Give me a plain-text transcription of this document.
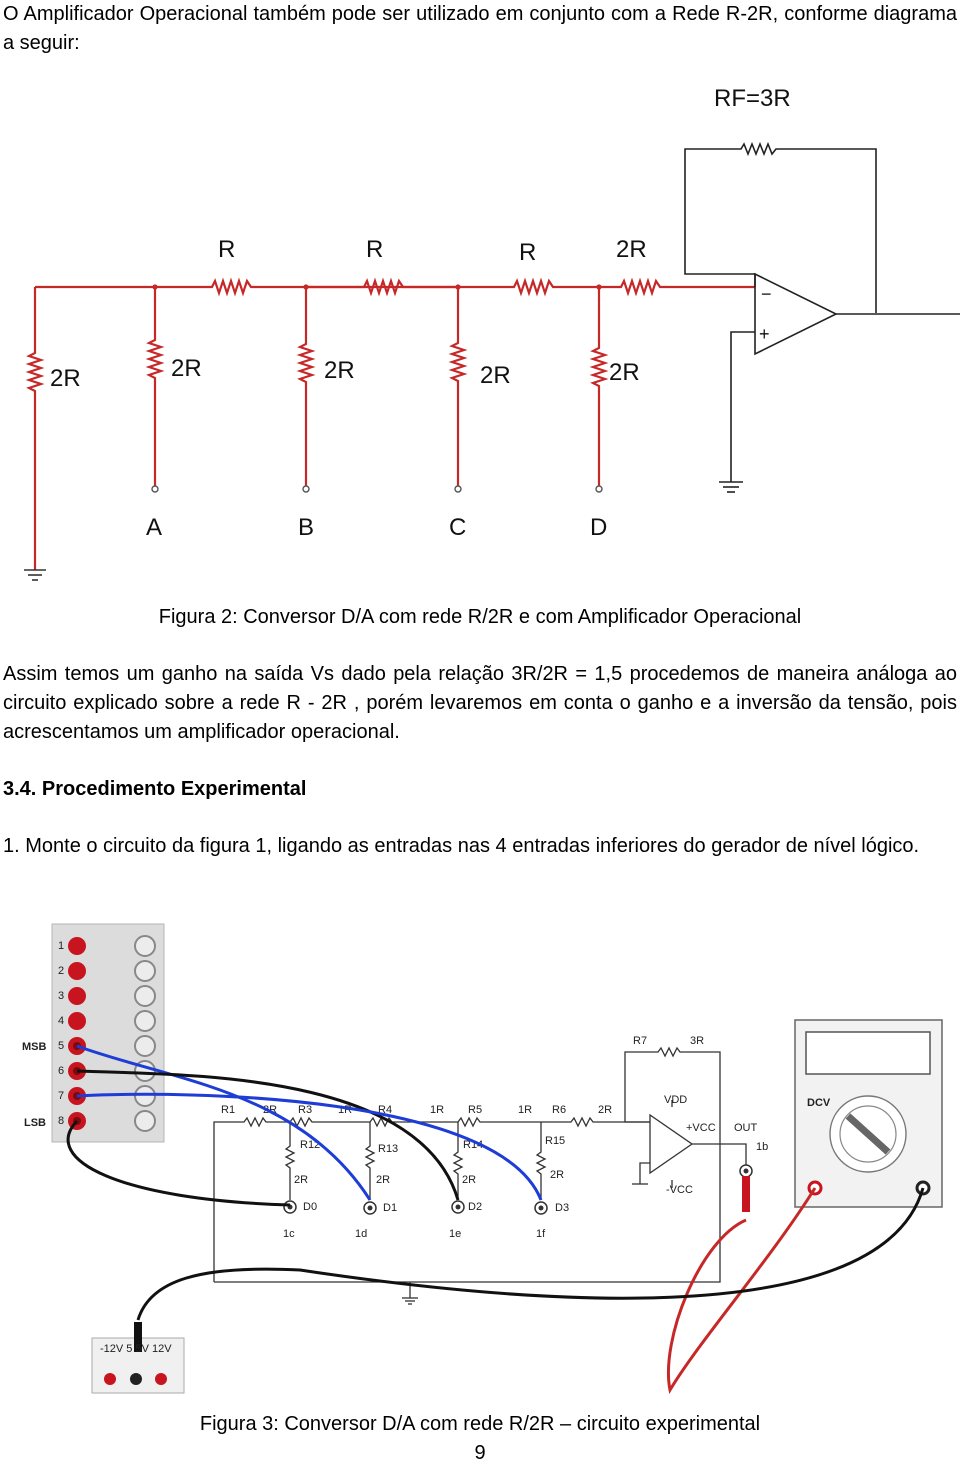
O Amplificador Operacional também pode ser utilizado em conjunto com a Rede R-2R, conforme diagrama a seguir:

RF=3R
R	R	R	2R
2R	2R	2R	2R	2R
A	B	C	D
−
+
Figura 2: Conversor D/A com rede R/2R e com Amplificador Operacional

Assim temos um ganho na saída Vs dado pela relação 3R/2R = 1,5 procedemos de maneira análoga ao circuito explicado sobre a rede R - 2R , porém levaremos em conta o ganho e a inversão da tensão, pois acrescentamos um amplificador operacional.

3.4. Procedimento Experimental

1. Monte o circuito da figura 1, ligando as entradas nas 4 entradas inferiores do gerador de nível lógico.

1
2
3
4
5
6
7
8
MSB
LSB
R1	2R R3 1R R4	1R R5	1R R6	2R
R7	3R
R12
2R
R13
2R
R14
2R
R15
2R
D0	D1	D2	D3
1c	1d	1e	1f
VDD
+VCC
-VCC
OUT
1b
DCV
-12V 5 5V 12V
Figura 3: Conversor D/A com rede R/2R – circuito experimental
9
